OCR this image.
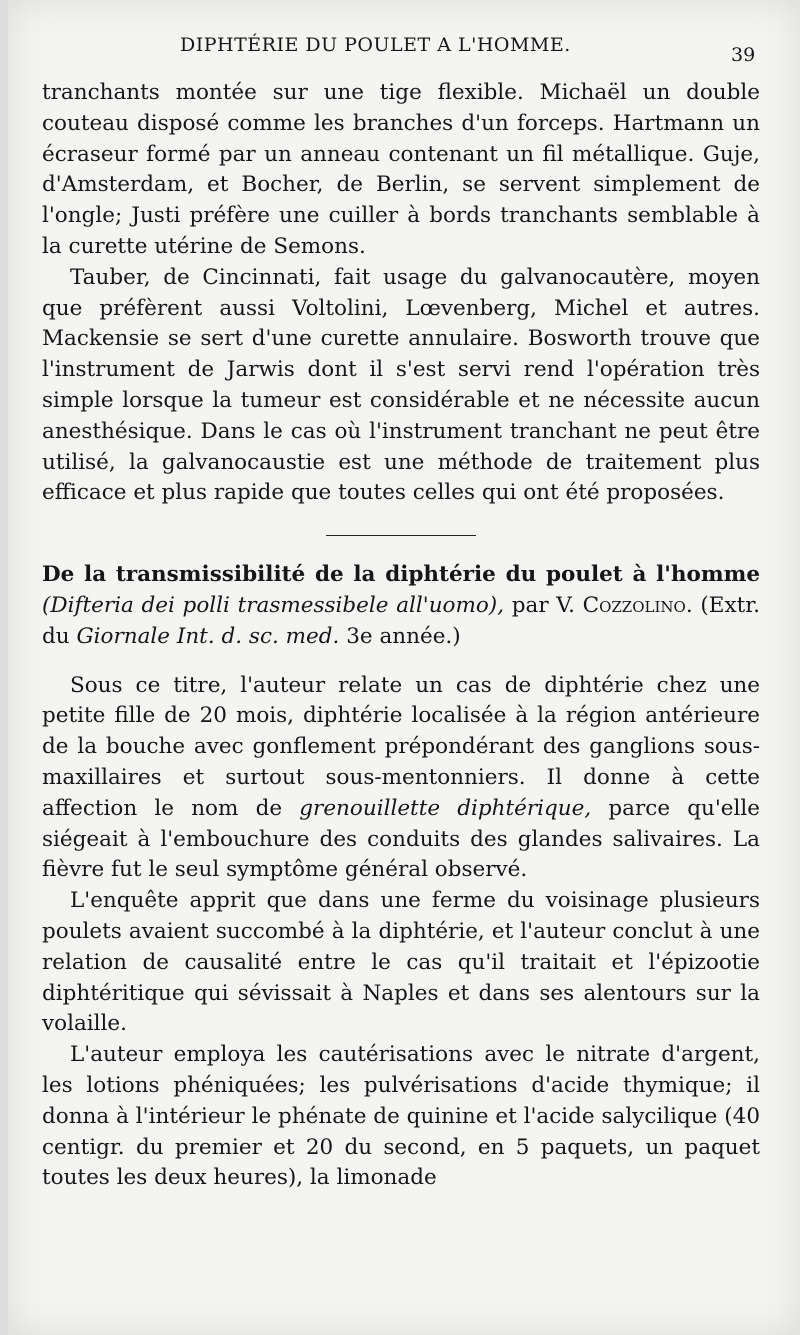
DIPHTÉRIE DU POULET A L'HOMME.	39

tranchants montée sur une tige flexible. Michaël un double couteau disposé comme les branches d'un forceps. Hartmann un écraseur formé par un anneau contenant un fil métallique. Guje, d'Amsterdam, et Bocher, de Berlin, se servent simplement de l'ongle; Justi préfère une cuiller à bords tranchants semblable à la curette utérine de Semons.

Tauber, de Cincinnati, fait usage du galvanocautère, moyen que préfèrent aussi Voltolini, Lœvenberg, Michel et autres. Mackensie se sert d'une curette annulaire. Bosworth trouve que l'instrument de Jarwis dont il s'est servi rend l'opération très simple lorsque la tumeur est considérable et ne nécessite aucun anesthésique. Dans le cas où l'instrument tranchant ne peut être utilisé, la galvanocaustie est une méthode de traitement plus efficace et plus rapide que toutes celles qui ont été proposées.

De la transmissibilité de la diphtérie du poulet à l'homme (Difteria dei polli trasmessibele all'uomo), par V. Cozzolino. (Extr. du Giornale Int. d. sc. med. 3e année.)

Sous ce titre, l'auteur relate un cas de diphtérie chez une petite fille de 20 mois, diphtérie localisée à la région antérieure de la bouche avec gonflement prépondérant des ganglions sous-maxillaires et surtout sous-mentonniers. Il donne à cette affection le nom de grenouillette diphtérique, parce qu'elle siégeait à l'embouchure des conduits des glandes salivaires. La fièvre fut le seul symptôme général observé.

L'enquête apprit que dans une ferme du voisinage plusieurs poulets avaient succombé à la diphtérie, et l'auteur conclut à une relation de causalité entre le cas qu'il traitait et l'épizootie diphtéritique qui sévissait à Naples et dans ses alentours sur la volaille.

L'auteur employa les cautérisations avec le nitrate d'argent, les lotions phéniquées; les pulvérisations d'acide thymique; il donna à l'intérieur le phénate de quinine et l'acide salycilique (40 centigr. du premier et 20 du second, en 5 paquets, un paquet toutes les deux heures), la limonade
